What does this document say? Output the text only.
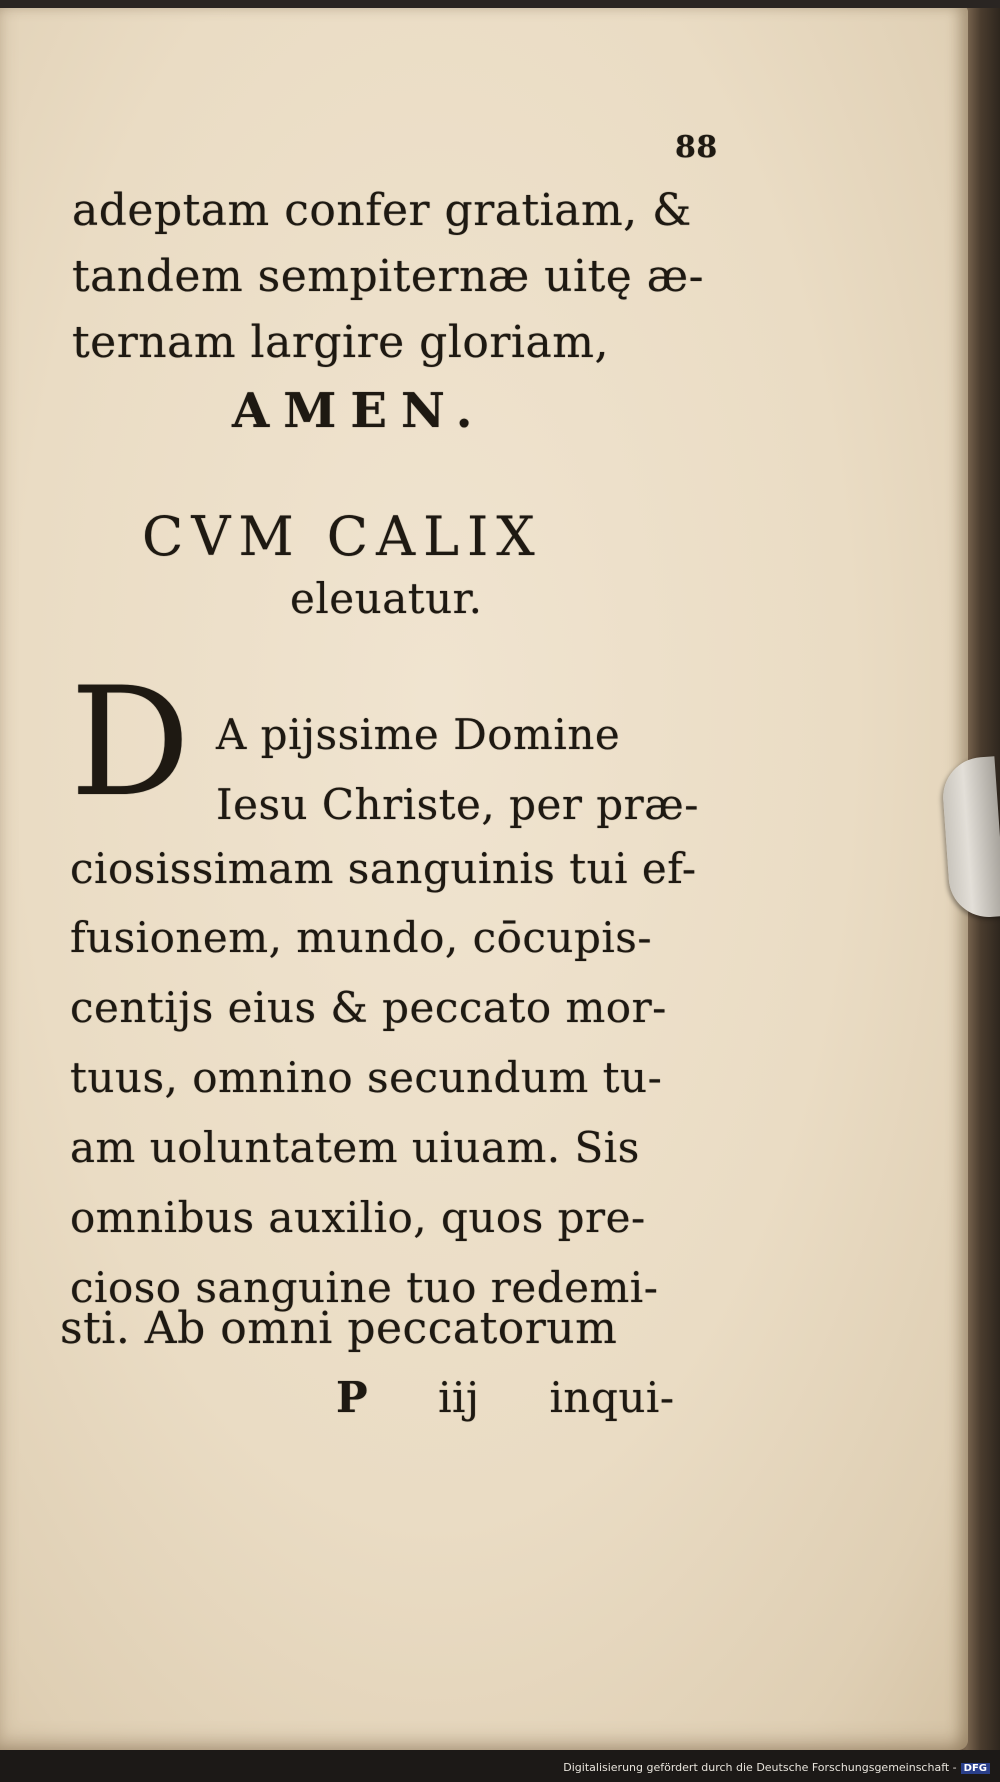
88
adeptam confer gratiam, &
tandem sempiternæ uitę æ-
ternam largire gloriam,
AMEN.
CVM CALIX
eleuatur.
D A pijssime Domine
Iesu Christe, per præ-
ciosissimam sanguinis tui ef-
fusionem, mundo, cōcupis-
centijs eius & peccato mor-
tuus, omnino secundum tu-
am uoluntatem uiuam. Sis
omnibus auxilio, quos pre-
cioso sanguine tuo redemi-
sti. Ab omni peccatorum
P iij inqui-
Digitalisierung gefördert durch die Deutsche Forschungsgemeinschaft - DFG
